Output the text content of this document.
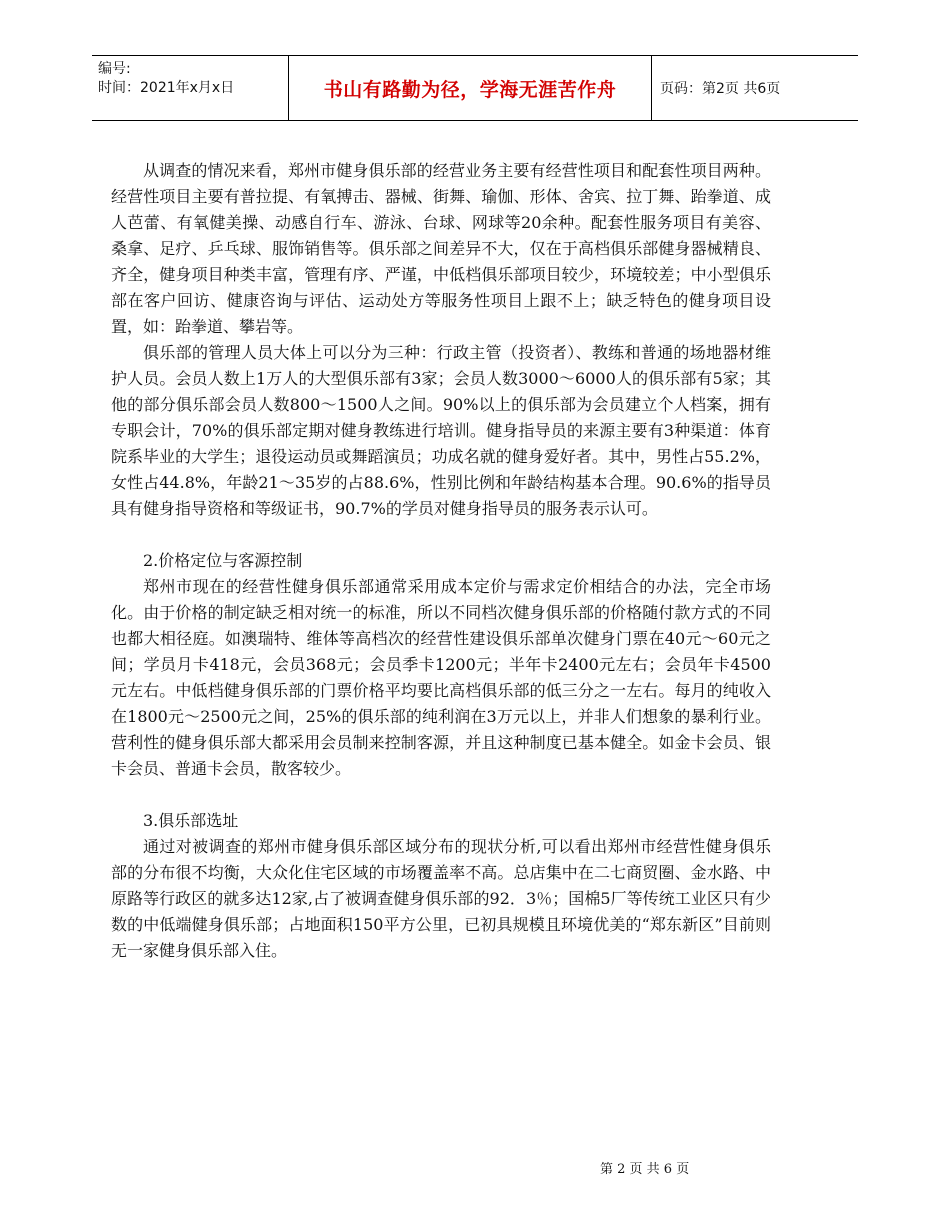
编号:
时间：2021年x月x日	书山有路勤为径，学海无涯苦作舟	页码：第2页 共6页

从调查的情况来看，郑州市健身俱乐部的经营业务主要有经营性项目和配套性项目两种。经营性项目主要有普拉提、有氧搏击、器械、街舞、瑜伽、形体、舍宾、拉丁舞、跆拳道、成人芭蕾、有氧健美操、动感自行车、游泳、台球、网球等20余种。配套性服务项目有美容、桑拿、足疗、乒乓球、服饰销售等。俱乐部之间差异不大，仅在于高档俱乐部健身器械精良、齐全，健身项目种类丰富，管理有序、严谨，中低档俱乐部项目较少，环境较差；中小型俱乐部在客户回访、健康咨询与评估、运动处方等服务性项目上跟不上；缺乏特色的健身项目设置，如：跆拳道、攀岩等。

俱乐部的管理人员大体上可以分为三种：行政主管（投资者）、教练和普通的场地器材维护人员。会员人数上1万人的大型俱乐部有3家；会员人数3000～6000人的俱乐部有5家；其他的部分俱乐部会员人数800～1500人之间。90%以上的俱乐部为会员建立个人档案，拥有专职会计，70%的俱乐部定期对健身教练进行培训。健身指导员的来源主要有3种渠道：体育院系毕业的大学生；退役运动员或舞蹈演员；功成名就的健身爱好者。其中，男性占55.2%，女性占44.8%，年龄21～35岁的占88.6%，性别比例和年龄结构基本合理。90.6%的指导员具有健身指导资格和等级证书，90.7%的学员对健身指导员的服务表示认可。

2.价格定位与客源控制

郑州市现在的经营性健身俱乐部通常采用成本定价与需求定价相结合的办法，完全市场化。由于价格的制定缺乏相对统一的标准，所以不同档次健身俱乐部的价格随付款方式的不同也都大相径庭。如澳瑞特、维体等高档次的经营性建设俱乐部单次健身门票在40元～60元之间；学员月卡418元，会员368元；会员季卡1200元；半年卡2400元左右；会员年卡4500元左右。中低档健身俱乐部的门票价格平均要比高档俱乐部的低三分之一左右。每月的纯收入在1800元～2500元之间，25%的俱乐部的纯利润在3万元以上，并非人们想象的暴利行业。营利性的健身俱乐部大都采用会员制来控制客源，并且这种制度已基本健全。如金卡会员、银卡会员、普通卡会员，散客较少。

3.俱乐部选址

通过对被调查的郑州市健身俱乐部区域分布的现状分析,可以看出郑州市经营性健身俱乐部的分布很不均衡，大众化住宅区域的市场覆盖率不高。总店集中在二七商贸圈、金水路、中原路等行政区的就多达12家,占了被调查健身俱乐部的92．3％；国棉5厂等传统工业区只有少数的中低端健身俱乐部；占地面积150平方公里，已初具规模且环境优美的“郑东新区”目前则无一家健身俱乐部入住。

第 2 页 共 6 页
